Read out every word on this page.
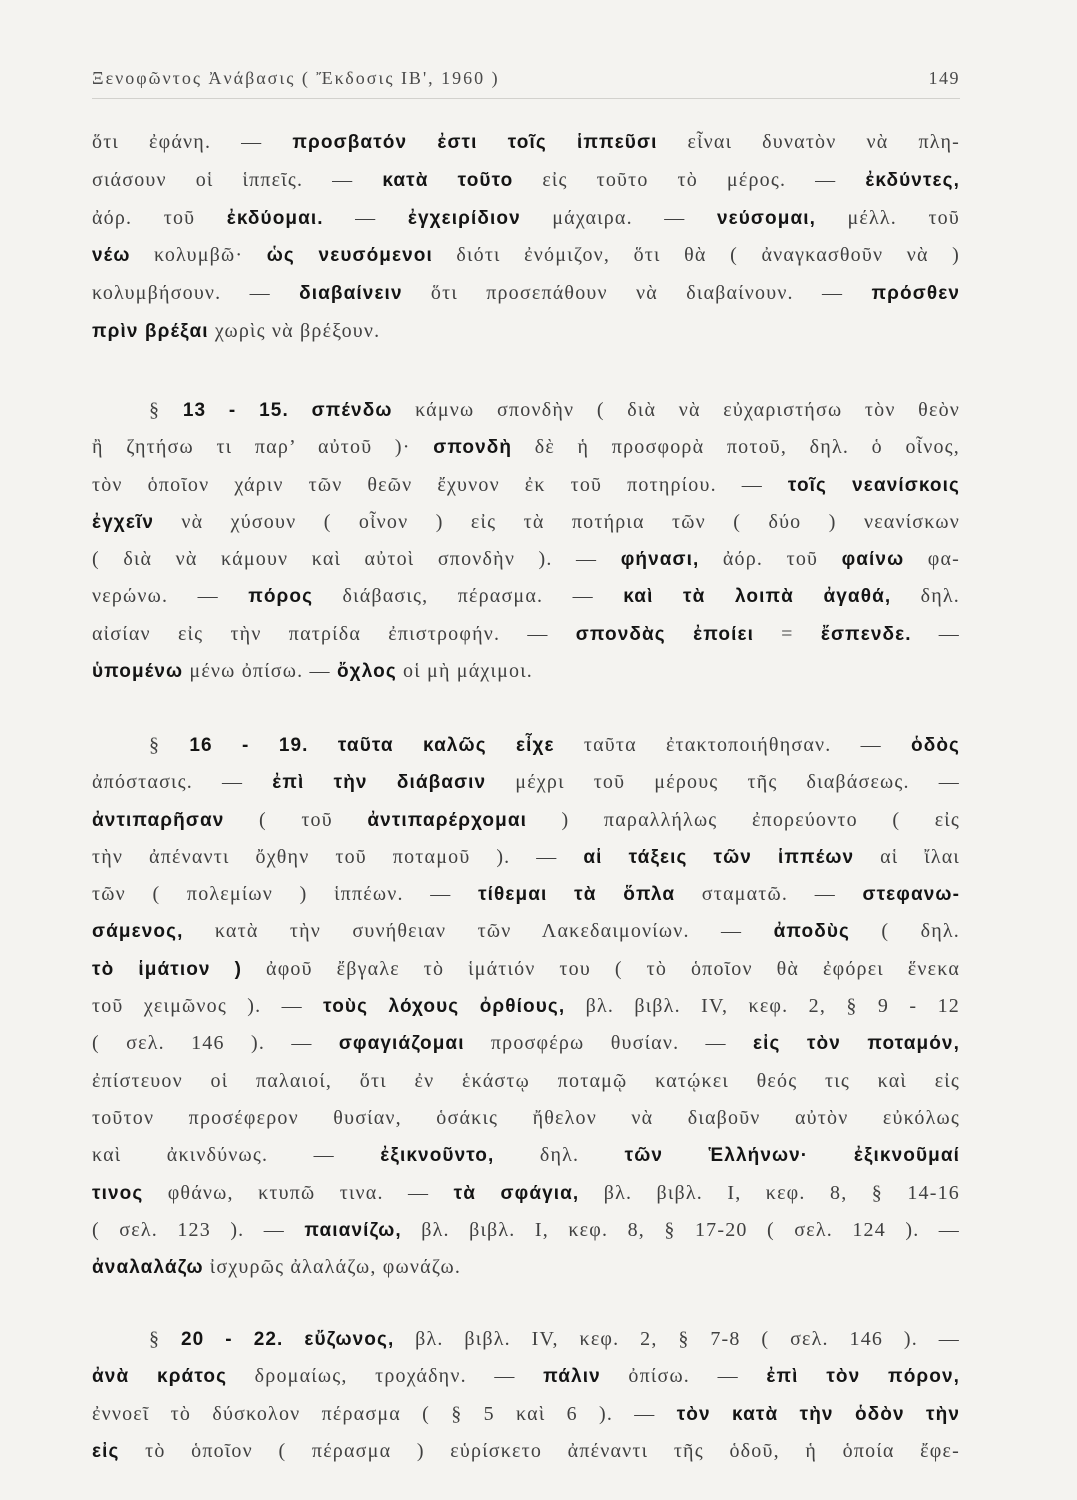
Ξενοφῶντος Ἀνάβασις ( Ἔκδοσις ΙΒ', 1960 )	149
ὅτι ἐφάνη. — προσβατόν ἐστι τοῖς ἱππεῦσι εἶναι δυνατὸν νὰ πλη-
σιάσουν οἱ ἱππεῖς. — κατὰ τοῦτο εἰς τοῦτο τὸ μέρος. — ἐκδύντες,
ἀόρ. τοῦ ἐκδύομαι. — ἐγχειρίδιον μάχαιρα. — νεύσομαι, μέλλ. τοῦ
νέω κολυμβῶ· ὡς νευσόμενοι διότι ἐνόμιζον, ὅτι θὰ ( ἀναγκασθοῦν νὰ )
κολυμβήσουν. — διαβαίνειν ὅτι προσεπάθουν νὰ διαβαίνουν. — πρόσθεν
πρὶν βρέξαι χωρὶς νὰ βρέξουν.
§ 13 - 15. σπένδω κάμνω σπονδὴν ( διὰ νὰ εὐχαριστήσω τὸν θεὸν
ἢ ζητήσω τι παρ’ αὐτοῦ )· σπονδὴ δὲ ἡ προσφορὰ ποτοῦ, δηλ. ὁ οἶνος,
τὸν ὁποῖον χάριν τῶν θεῶν ἔχυνον ἐκ τοῦ ποτηρίου. — τοῖς νεανίσκοις
ἐγχεῖν νὰ χύσουν ( οἶνον ) εἰς τὰ ποτήρια τῶν ( δύο ) νεανίσκων
( διὰ νὰ κάμουν καὶ αὐτοὶ σπονδὴν ). — φήνασι, ἀόρ. τοῦ φαίνω φα-
νερώνω. — πόρος διάβασις, πέρασμα. — καὶ τὰ λοιπὰ ἀγαθά, δηλ.
αἰσίαν εἰς τὴν πατρίδα ἐπιστροφήν. — σπονδὰς ἐποίει = ἔσπενδε. —
ὑπομένω μένω ὀπίσω. — ὄχλος οἱ μὴ μάχιμοι.
§ 16 - 19. ταῦτα καλῶς εἶχε ταῦτα ἐτακτοποιήθησαν. — ὁδὸς
ἀπόστασις. — ἐπὶ τὴν διάβασιν μέχρι τοῦ μέρους τῆς διαβάσεως. —
ἀντιπαρῆσαν ( τοῦ ἀντιπαρέρχομαι ) παραλλήλως ἐπορεύοντο ( εἰς
τὴν ἀπέναντι ὄχθην τοῦ ποταμοῦ ). — αἱ τάξεις τῶν ἱππέων αἱ ἴλαι
τῶν ( πολεμίων ) ἱππέων. — τίθεμαι τὰ ὅπλα σταματῶ. — στεφανω-
σάμενος, κατὰ τὴν συνήθειαν τῶν Λακεδαιμονίων. — ἀποδὺς ( δηλ.
τὸ ἱμάτιον ) ἀφοῦ ἔβγαλε τὸ ἱμάτιόν του ( τὸ ὁποῖον θὰ ἐφόρει ἕνεκα
τοῦ χειμῶνος ). — τοὺς λόχους ὀρθίους, βλ. βιβλ. IV, κεφ. 2, § 9 - 12
( σελ. 146 ). — σφαγιάζομαι προσφέρω θυσίαν. — εἰς τὸν ποταμόν,
ἐπίστευον οἱ παλαιοί, ὅτι ἐν ἑκάστῳ ποταμῷ κατῴκει θεός τις καὶ εἰς
τοῦτον προσέφερον θυσίαν, ὁσάκις ἤθελον νὰ διαβοῦν αὐτὸν εὐκόλως
καὶ ἀκινδύνως. — ἐξικνοῦντο, δηλ. τῶν Ἑλλήνων· ἐξικνοῦμαί
τινος φθάνω, κτυπῶ τινα. — τὰ σφάγια, βλ. βιβλ. I, κεφ. 8, § 14-16
( σελ. 123 ). — παιανίζω, βλ. βιβλ. I, κεφ. 8, § 17-20 ( σελ. 124 ). —
ἀναλαλάζω ἰσχυρῶς ἀλαλάζω, φωνάζω.
§ 20 - 22. εὔζωνος, βλ. βιβλ. IV, κεφ. 2, § 7-8 ( σελ. 146 ). —
ἀνὰ κράτος δρομαίως, τροχάδην. — πάλιν ὀπίσω. — ἐπὶ τὸν πόρον,
ἐννοεῖ τὸ δύσκολον πέρασμα ( § 5 καὶ 6 ). — τὸν κατὰ τὴν ὁδὸν τὴν
εἰς τὸ ὁποῖον ( πέρασμα ) εὑρίσκετο ἀπέναντι τῆς ὁδοῦ, ἡ ὁποία ἔφε-
